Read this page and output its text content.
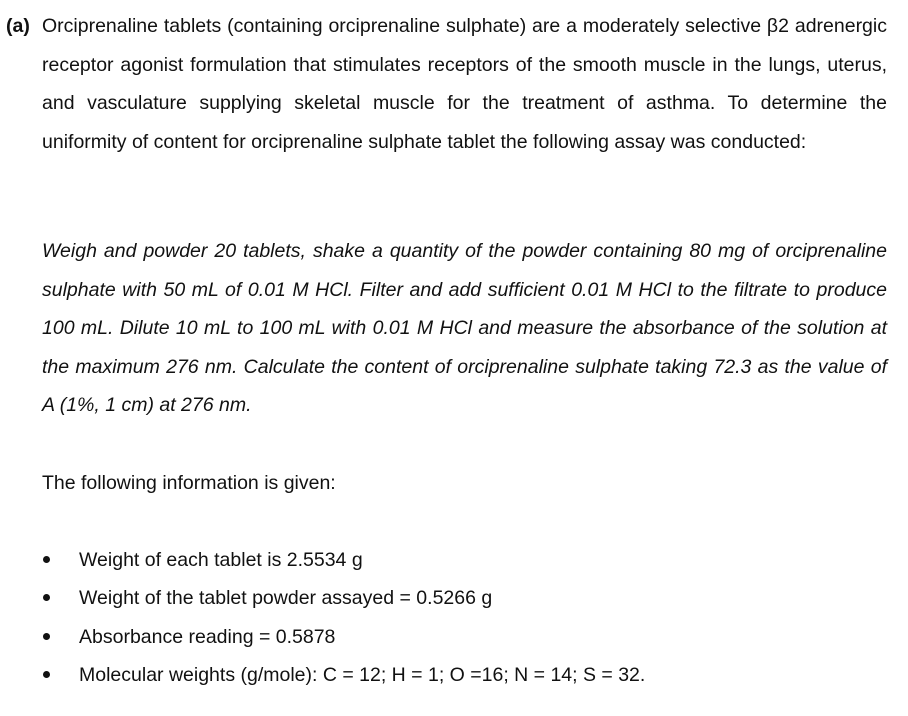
(a) Orciprenaline tablets (containing orciprenaline sulphate) are a moderately selective β2 adrenergic receptor agonist formulation that stimulates receptors of the smooth muscle in the lungs, uterus, and vasculature supplying skeletal muscle for the treatment of asthma. To determine the uniformity of content for orciprenaline sulphate tablet the following assay was conducted:

Weigh and powder 20 tablets, shake a quantity of the powder containing 80 mg of orciprenaline sulphate with 50 mL of 0.01 M HCl. Filter and add sufficient 0.01 M HCl to the filtrate to produce 100 mL. Dilute 10 mL to 100 mL with 0.01 M HCl and measure the absorbance of the solution at the maximum 276 nm. Calculate the content of orciprenaline sulphate taking 72.3 as the value of A (1%, 1 cm) at 276 nm.

The following information is given:

Weight of each tablet is 2.5534 g
Weight of the tablet powder assayed = 0.5266 g
Absorbance reading = 0.5878
Molecular weights (g/mole): C = 12; H = 1; O =16; N = 14; S = 32.
